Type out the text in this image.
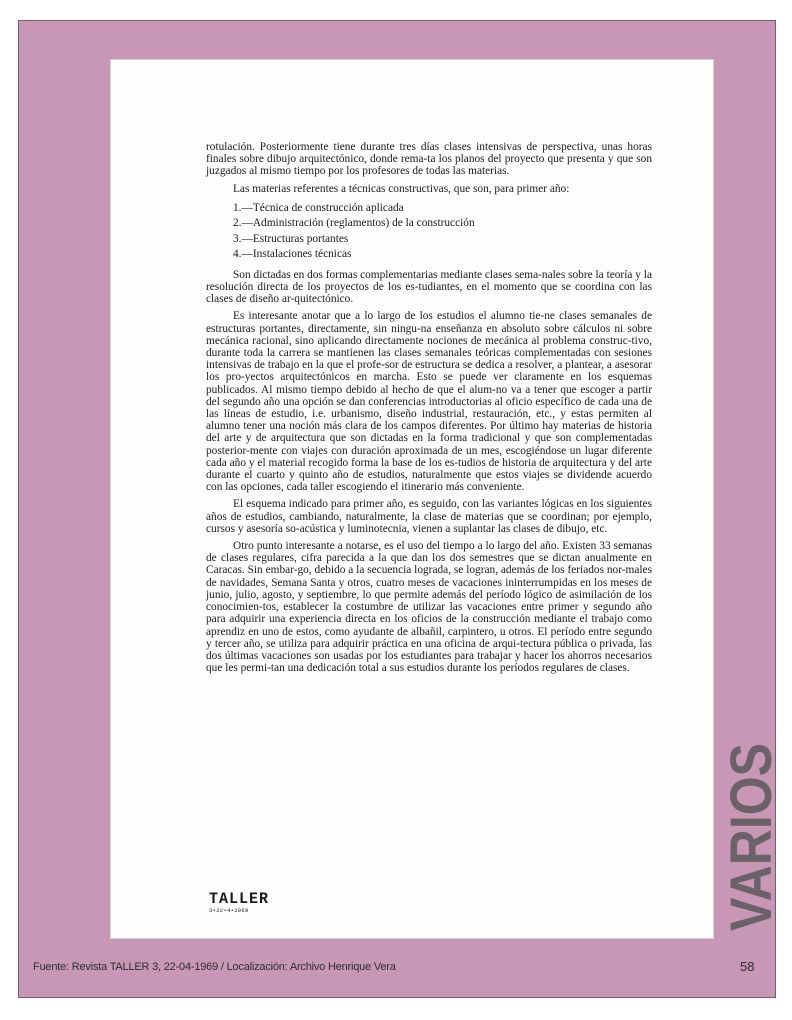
rotulación. Posteriormente tiene durante tres días clases intensivas de perspectiva, unas horas finales sobre dibujo arquitectónico, donde rema-ta los planos del proyecto que presenta y que son juzgados al mismo tiempo por los profesores de todas las materias.

Las materias referentes a técnicas constructivas, que son, para primer año:

1.—Técnica de construcción aplicada
2.—Administración (reglamentos) de la construcción
3.—Estructuras portantes
4.—Instalaciones técnicas

Son dictadas en dos formas complementarias mediante clases sema-nales sobre la teoría y la resolución directa de los proyectos de los es-tudiantes, en el momento que se coordina con las clases de diseño ar-quitectónico.

Es interesante anotar que a lo largo de los estudios el alumno tie-ne clases semanales de estructuras portantes, directamente, sin ningu-na enseñanza en absoluto sobre cálculos ni sobre mecánica racional, sino aplicando directamente nociones de mecánica al problema construc-tivo, durante toda la carrera se mantienen las clases semanales teóricas complementadas con sesiones intensivas de trabajo en la que el profe-sor de estructura se dedica a resolver, a plantear, a asesorar los pro-yectos arquitectónicos en marcha. Esto se puede ver claramente en los esquemas publicados. Al mismo tiempo debido al hecho de que el alum-no va a tener que escoger a partir del segundo año una opción se dan conferencias introductorias al oficio específico de cada una de las líneas de estudio, i.e. urbanismo, diseño industrial, restauración, etc., y estas permiten al alumno tener una noción más clara de los campos diferentes. Por último hay materias de historia del arte y de arquitectura que son dictadas en la forma tradicional y que son complementadas posterior-mente con viajes con duración aproximada de un mes, escogiéndose un lugar diferente cada año y el material recogido forma la base de los es-tudios de historia de arquitectura y del arte durante el cuarto y quinto año de estudios, naturalmente que estos viajes se dividende acuerdo con las opciones, cada taller escogiendo el itinerario más conveniente.

El esquema indicado para primer año, es seguido, con las variantes lógicas en los siguientes años de estudios, cambiando, naturalmente, la clase de materias que se coordinan; por ejemplo, cursos y asesoría so-acústica y luminotecnia, vienen a suplantar las clases de dibujo, etc.

Otro punto interesante a notarse, es el uso del tiempo a lo largo del año. Existen 33 semanas de clases regulares, cifra parecida a la que dan los dos semestres que se dictan anualmente en Caracas. Sin embar-go, debido a la secuencia lograda, se logran, además de los feriados nor-males de navidades, Semana Santa y otros, cuatro meses de vacaciones ininterrumpidas en los meses de junio, julio, agosto, y septiembre, lo que permite además del período lógico de asimilación de los conocimien-tos, establecer la costumbre de utilizar las vacaciones entre primer y segundo año para adquirir una experiencia directa en los oficios de la construcción mediante el trabajo como aprendiz en uno de estos, como ayudante de albañil, carpintero, u otros. El período entre segundo y tercer año, se utiliza para adquirir práctica en una oficina de arqui-tectura pública o privada, las dos últimas vacaciones son usadas por los estudiantes para trabajar y hacer los ahorros necesarios que les permi-tan una dedicación total a sus estudios durante los períodos regulares de clases.

TALLER
3•22•4•1969	VARIOS
Fuente: Revista TALLER 3, 22-04-1969 / Localización: Archivo Henrique Vera	58
